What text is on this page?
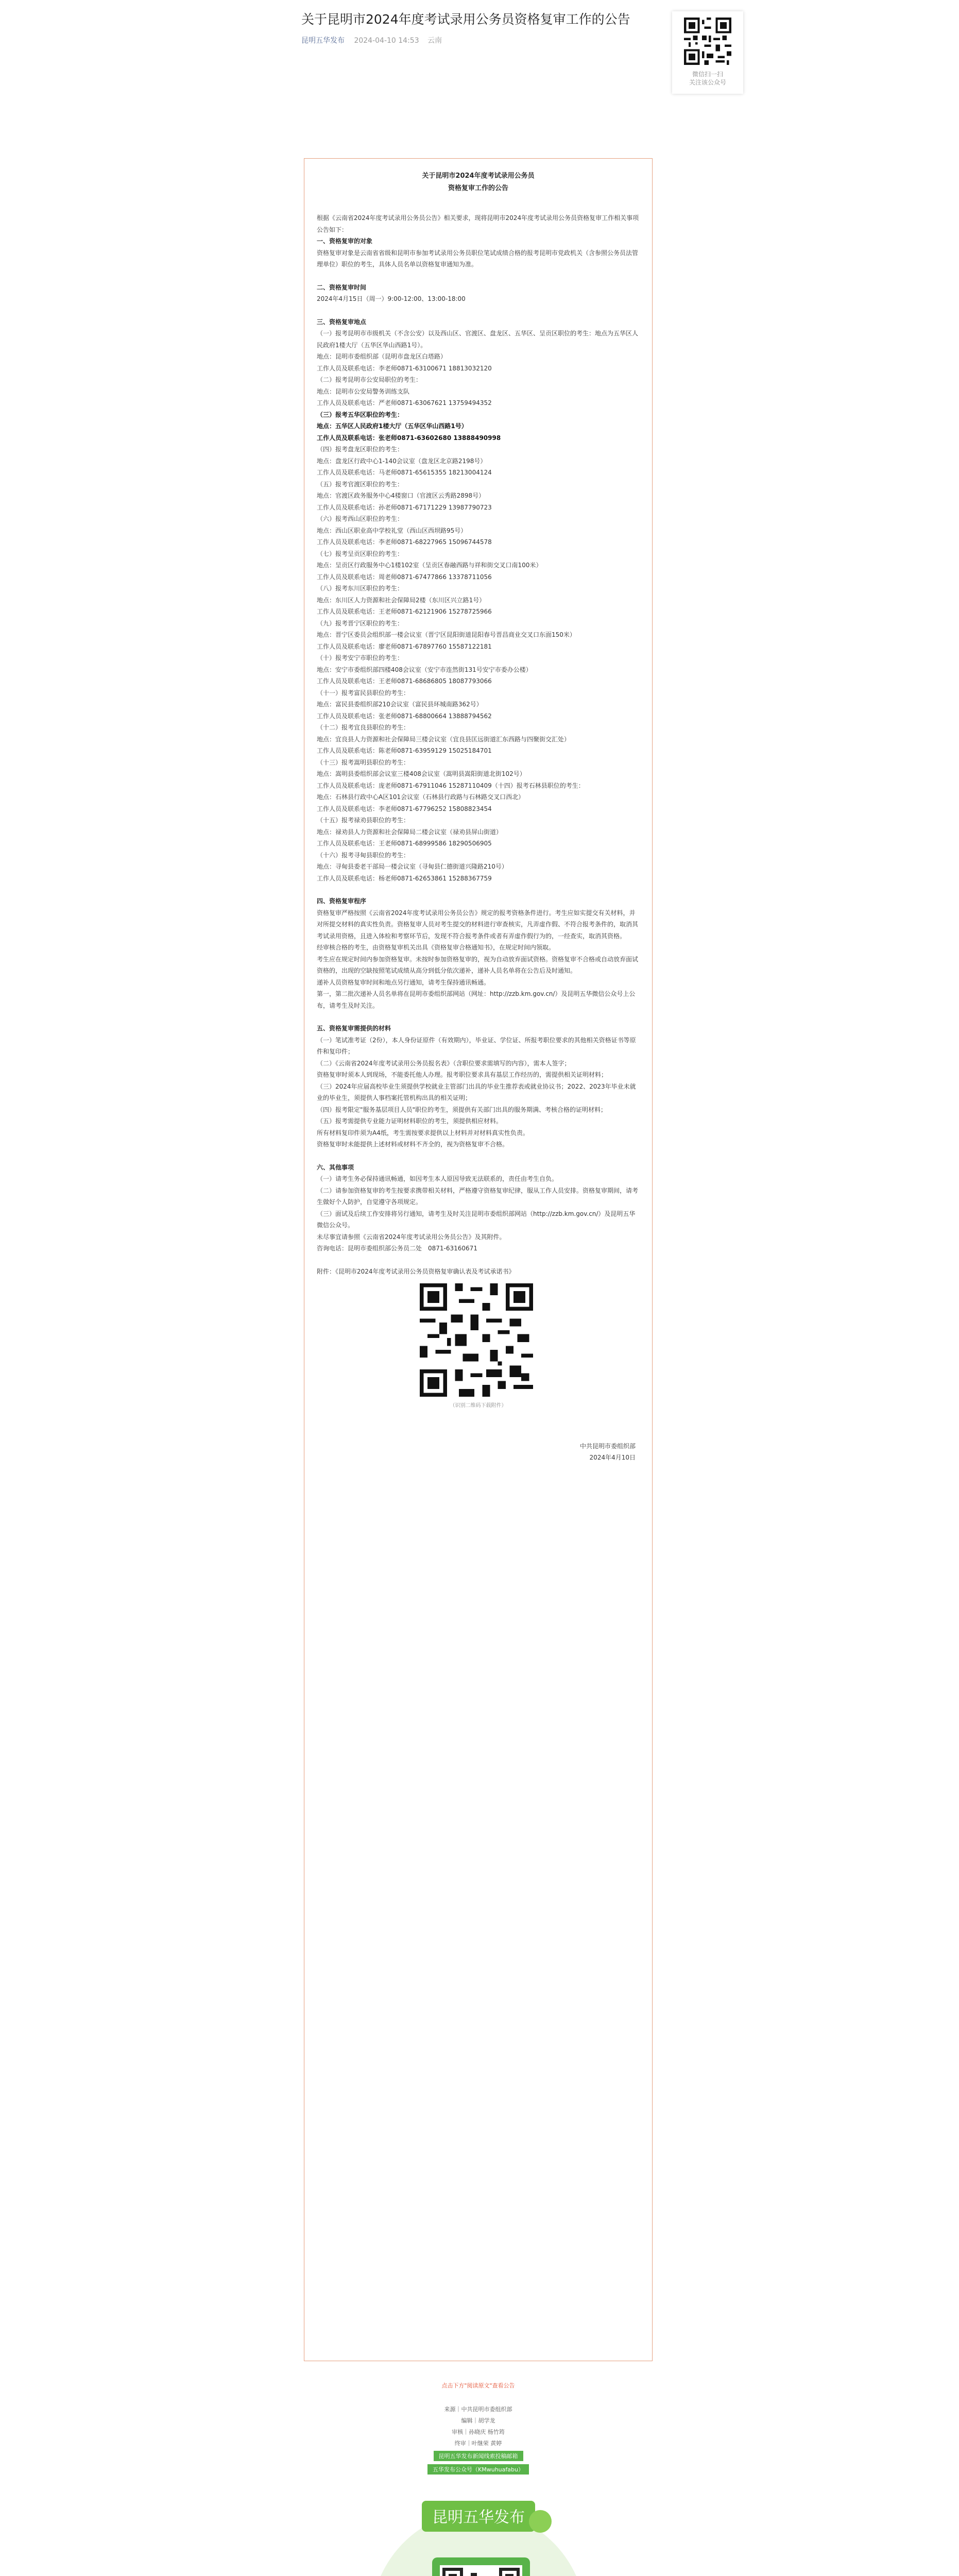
关于昆明市2024年度考试录用公务员资格复审工作的公告
昆明五华发布 2024-04-10 14:53 云南
微信扫一扫
关注该公众号
关于昆明市2024年度考试录用公务员
资格复审工作的公告

根据《云南省2024年度考试录用公务员公告》相关要求，现将昆明市2024年度考试录用公务员资格复审工作相关事项公告如下：

一、资格复审的对象

资格复审对象是云南省省级和昆明市参加考试录用公务员职位笔试成绩合格的报考昆明市党政机关（含参照公务员法管理单位）职位的考生，具体人员名单以资格复审通知为准。

二、资格复审时间

2024年4月15日（周一）9:00-12:00、13:00-18:00

三、资格复审地点

（一）报考昆明市市级机关（不含公安）以及西山区、官渡区、盘龙区、五华区、呈贡区职位的考生：地点为五华区人民政府1楼大厅（五华区华山西路1号）。

地点：昆明市委组织部（昆明市盘龙区白塔路）

工作人员及联系电话：李老师0871-63100671 18813032120

（二）报考昆明市公安局职位的考生：

地点：昆明市公安局警务训练支队

工作人员及联系电话：严老师0871-63067621 13759494352

（三）报考五华区职位的考生：

地点：五华区人民政府1楼大厅（五华区华山西路1号）

工作人员及联系电话：张老师0871-63602680 13888490998

（四）报考盘龙区职位的考生：

地点：盘龙区行政中心1-140会议室（盘龙区北京路2198号）

工作人员及联系电话：马老师0871-65615355 18213004124

（五）报考官渡区职位的考生：

地点：官渡区政务服务中心4楼窗口（官渡区云秀路2898号）

工作人员及联系电话：孙老师0871-67171229 13987790723

（六）报考西山区职位的考生：

地点：西山区职业高中学校礼堂（西山区西坝路95号）

工作人员及联系电话：李老师0871-68227965 15096744578

（七）报考呈贡区职位的考生：

地点：呈贡区行政服务中心1楼102室（呈贡区春融西路与祥和街交叉口南100米）

工作人员及联系电话：周老师0871-67477866 13378711056

（八）报考东川区职位的考生：

地点：东川区人力资源和社会保障局2楼（东川区兴立路1号）

工作人员及联系电话：王老师0871-62121906 15278725966

（九）报考晋宁区职位的考生：

地点：晋宁区委员会组织部一楼会议室（晋宁区昆阳街道昆阳春号晋昌商业交叉口东面150米）

工作人员及联系电话：廖老师0871-67897760 15587122181

（十）报考安宁市职位的考生：

地点：安宁市委组织部四楼408会议室（安宁市连然街131号安宁市委办公楼）

工作人员及联系电话：王老师0871-68686805 18087793066

（十一）报考富民县职位的考生：

地点：富民县委组织部210会议室（富民县环城南路362号）

工作人员及联系电话：张老师0871-68800664 13888794562

（十二）报考宜良县职位的考生：

地点：宜良县人力资源和社会保障局三楼会议室（宜良县匡远街道汇东西路与四聚街交汇处）

工作人员及联系电话：陈老师0871-63959129 15025184701

（十三）报考嵩明县职位的考生：

地点：嵩明县委组织部会议室三楼408会议室（嵩明县嵩阳街道北街102号）

工作人员及联系电话：庞老师0871-67911046 15287110409（十四）报考石林县职位的考生：

地点：石林县行政中心A区101会议室（石林县行政路与石林路交叉口西北）

工作人员及联系电话：李老师0871-67796252 15808823454

（十五）报考禄劝县职位的考生：

地点：禄劝县人力资源和社会保障局二楼会议室（禄劝县屏山街道）

工作人员及联系电话：王老师0871-68999586 18290506905

（十六）报考寻甸县职位的考生：

地点：寻甸县委老干部局一楼会议室（寻甸县仁德街道兴隆路210号）

工作人员及联系电话：杨老师0871-62653861 15288367759

四、资格复审程序

资格复审严格按照《云南省2024年度考试录用公务员公告》规定的报考资格条件进行。考生应如实提交有关材料，并对所提交材料的真实性负责。资格复审人员对考生提交的材料进行审查核实，凡弄虚作假、不符合报考条件的，取消其考试录用资格，且进入体检和考察环节后，发现不符合报考条件或者有弄虚作假行为的，一经查实，取消其资格。

经审核合格的考生，由资格复审机关出具《资格复审合格通知书》，在规定时间内领取。

考生应在规定时间内参加资格复审。未按时参加资格复审的，视为自动放弃面试资格。资格复审不合格或自动放弃面试资格的，出现的空缺按照笔试成绩从高分到低分依次递补，递补人员名单将在公告后及时通知。

递补人员资格复审时间和地点另行通知，请考生保持通讯畅通。

第一，第二批次递补人员名单将在昆明市委组织部网站（网址：http://zzb.km.gov.cn/）及昆明五华微信公众号上公布，请考生及时关注。

五、资格复审需提供的材料

（一）笔试准考证（2份），本人身份证原件（有效期内），毕业证、学位证、所报考职位要求的其他相关资格证书等原件和复印件；

（二）《云南省2024年度考试录用公务员报名表》（含职位要求需填写的内容），需本人签字；

资格复审时须本人到现场，不能委托他人办理。报考职位要求具有基层工作经历的，需提供相关证明材料；

（三）2024年应届高校毕业生须提供学校就业主管部门出具的毕业生推荐表或就业协议书；2022、2023年毕业未就业的毕业生，须提供人事档案托管机构出具的相关证明；

（四）报考限定"服务基层项目人员"职位的考生，须提供有关部门出具的服务期满、考核合格的证明材料；

（五）报考需提供专业能力证明材料职位的考生，须提供相应材料。

所有材料复印件须为A4纸，考生需按要求提供以上材料并对材料真实性负责。

资格复审时未能提供上述材料或材料不齐全的，视为资格复审不合格。

六、其他事项

（一）请考生务必保持通讯畅通，如因考生本人原因导致无法联系的，责任由考生自负。

（二）请参加资格复审的考生按要求携带相关材料，严格遵守资格复审纪律，服从工作人员安排。资格复审期间，请考生做好个人防护，自觉遵守各项规定。

（三）面试及后续工作安排将另行通知，请考生及时关注昆明市委组织部网站（http://zzb.km.gov.cn/）及昆明五华微信公众号。

未尽事宜请参照《云南省2024年度考试录用公务员公告》及其附件。

咨询电话：昆明市委组织部公务员二处　0871-63160671

附件：《昆明市2024年度考试录用公务员资格复审确认表及考试承诺书》

（识别二维码下载附件）
中共昆明市委组织部
2024年4月10日
点击下方"阅读原文"查看公告
来源｜中共昆明市委组织部
编辑｜胡学龙
审核｜孙晓庆 杨竹筠
终审｜叶继荣 黄婷
昆明五华发布新闻线索投稿邮箱
五华发布公众号（KMwuhuafabu）
昆明五华发布
